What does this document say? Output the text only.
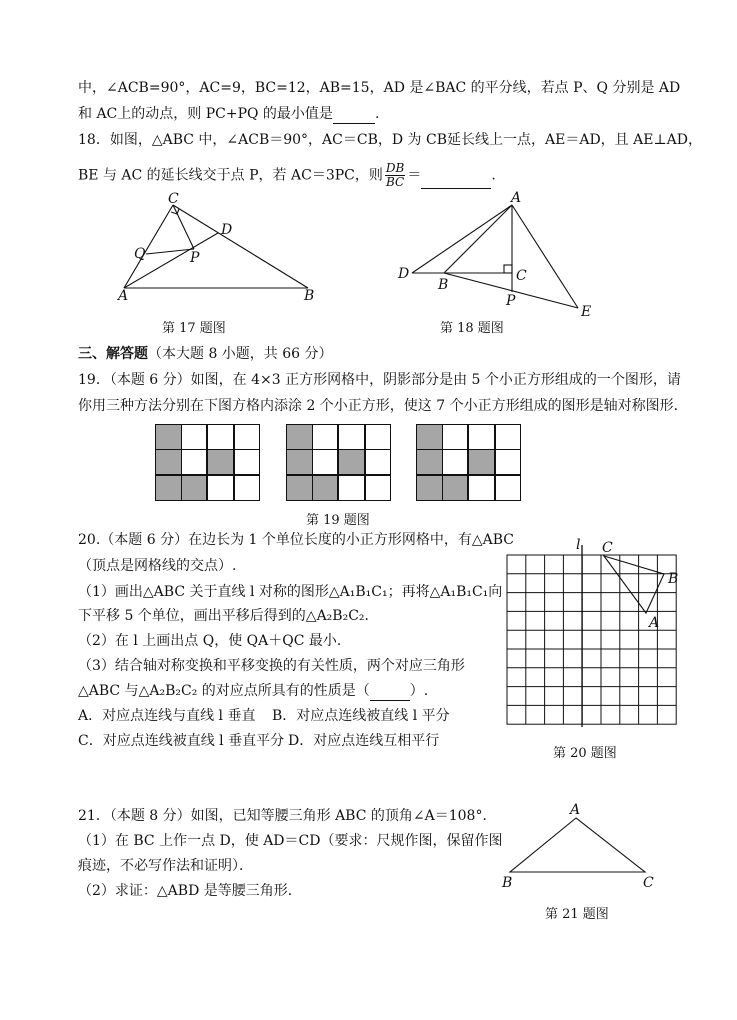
中，∠ACB=90°，AC=9，BC=12，AB=15，AD 是∠BAC 的平分线，若点 P、Q 分别是 AD
和 AC上的动点，则 PC+PQ 的最小值是	.
18．如图，△ABC 中，∠ACB＝90°，AC＝CB，D 为 CB延长线上一点，AE＝AD，且 AE⊥AD，
BE 与 AC 的延长线交于点 P，若 AC＝3PC，则 $\frac{DB}{BC}$ ＝	.
C
D
Q	P
A	B
第 17 题图
A
D	C
B
P
E
第 18 题图
三、解答题（本大题 8 小题，共 66 分）
19．（本题 6 分）如图，在 4×3 正方形网格中，阴影部分是由 5 个小正方形组成的一个图形，请
你用三种方法分别在下图方格内添涂 2 个小正方形，使这 7 个小正方形组成的图形是轴对称图形．
第 19 题图
20.（本题 6 分）在边长为 1 个单位长度的小正方形网格中，有△ABC
（顶点是网格线的交点）.
（1）画出△ABC 关于直线 l 对称的图形△A₁B₁C₁；再将△A₁B₁C₁向
下平移 5 个单位，画出平移后得到的△A₂B₂C₂．
（2）在 l 上画出点 Q，使 QA＋QC 最小．
（3）结合轴对称变换和平移变换的有关性质，两个对应三角形
△ABC 与△A₂B₂C₂ 的对应点所具有的性质是（	）.
A．对应点连线与直线 l 垂直 B．对应点连线被直线 l 平分
C．对应点连线被直线 l 垂直平分 D．对应点连线互相平行
l C
B
A
第 20 题图
21．（本题 8 分）如图，已知等腰三角形 ABC 的顶角∠A＝108°．
（1）在 BC 上作一点 D，使 AD＝CD（要求：尺规作图，保留作图
痕迹，不必写作法和证明）．
（2）求证：△ABD 是等腰三角形．
A
B	C
第 21 题图
